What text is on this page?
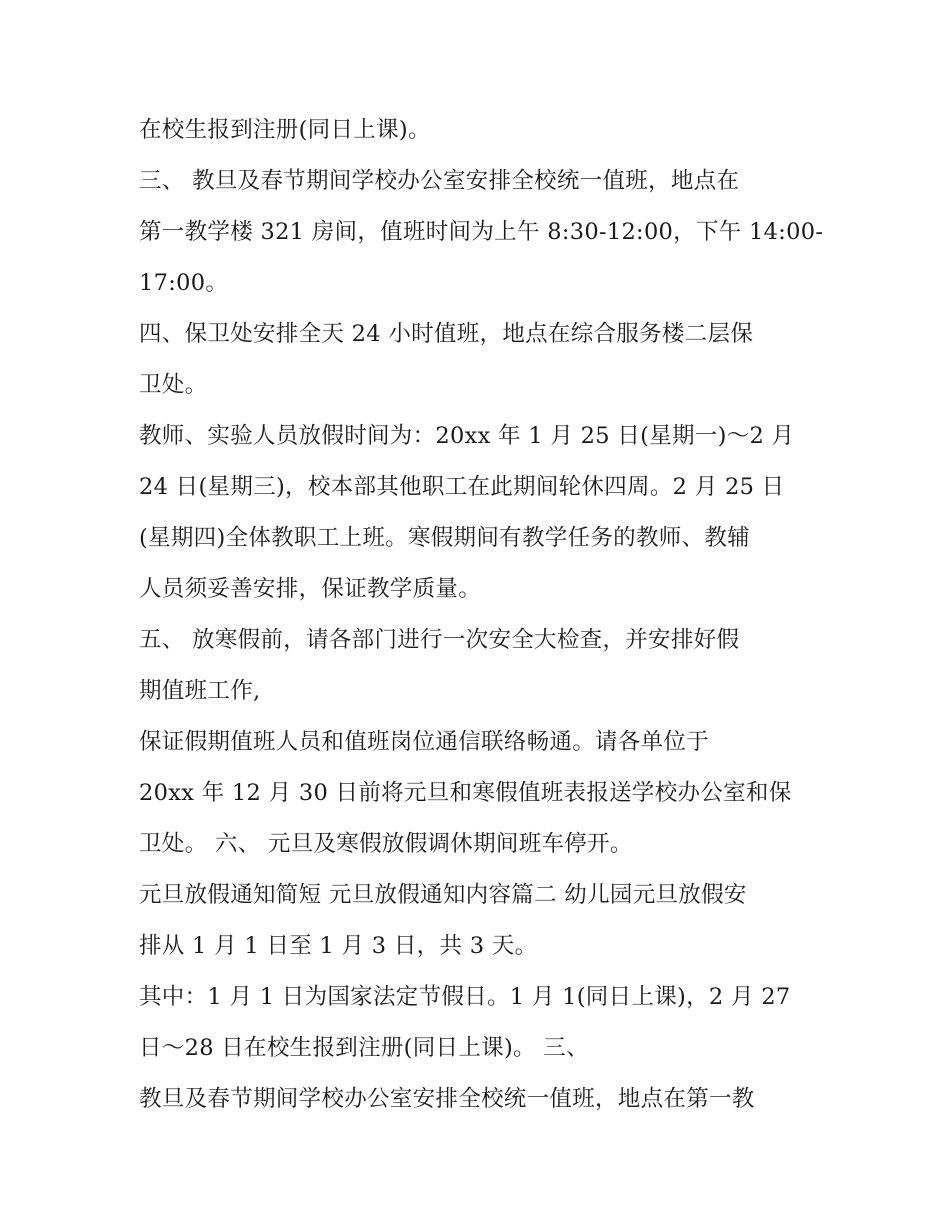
在校生报到注册(同日上课)。
三、 教旦及春节期间学校办公室安排全校统一值班，地点在
第一教学楼 321 房间，值班时间为上午 8:30-12:00，下午 14:00-
17:00。
四、保卫处安排全天 24 小时值班，地点在综合服务楼二层保
卫处。
教师、实验人员放假时间为：20xx 年 1 月 25 日(星期一)～2 月
24 日(星期三)，校本部其他职工在此期间轮休四周。2 月 25 日
(星期四)全体教职工上班。寒假期间有教学任务的教师、教辅
人员须妥善安排，保证教学质量。
五、 放寒假前，请各部门进行一次安全大检查，并安排好假
期值班工作,
保证假期值班人员和值班岗位通信联络畅通。请各单位于
20xx 年 12 月 30 日前将元旦和寒假值班表报送学校办公室和保
卫处。 六、 元旦及寒假放假调休期间班车停开。
元旦放假通知简短 元旦放假通知内容篇二 幼儿园元旦放假安
排从 1 月 1 日至 1 月 3 日，共 3 天。
其中：1 月 1 日为国家法定节假日。1 月 1(同日上课)，2 月 27
日～28 日在校生报到注册(同日上课)。 三、
教旦及春节期间学校办公室安排全校统一值班，地点在第一教
